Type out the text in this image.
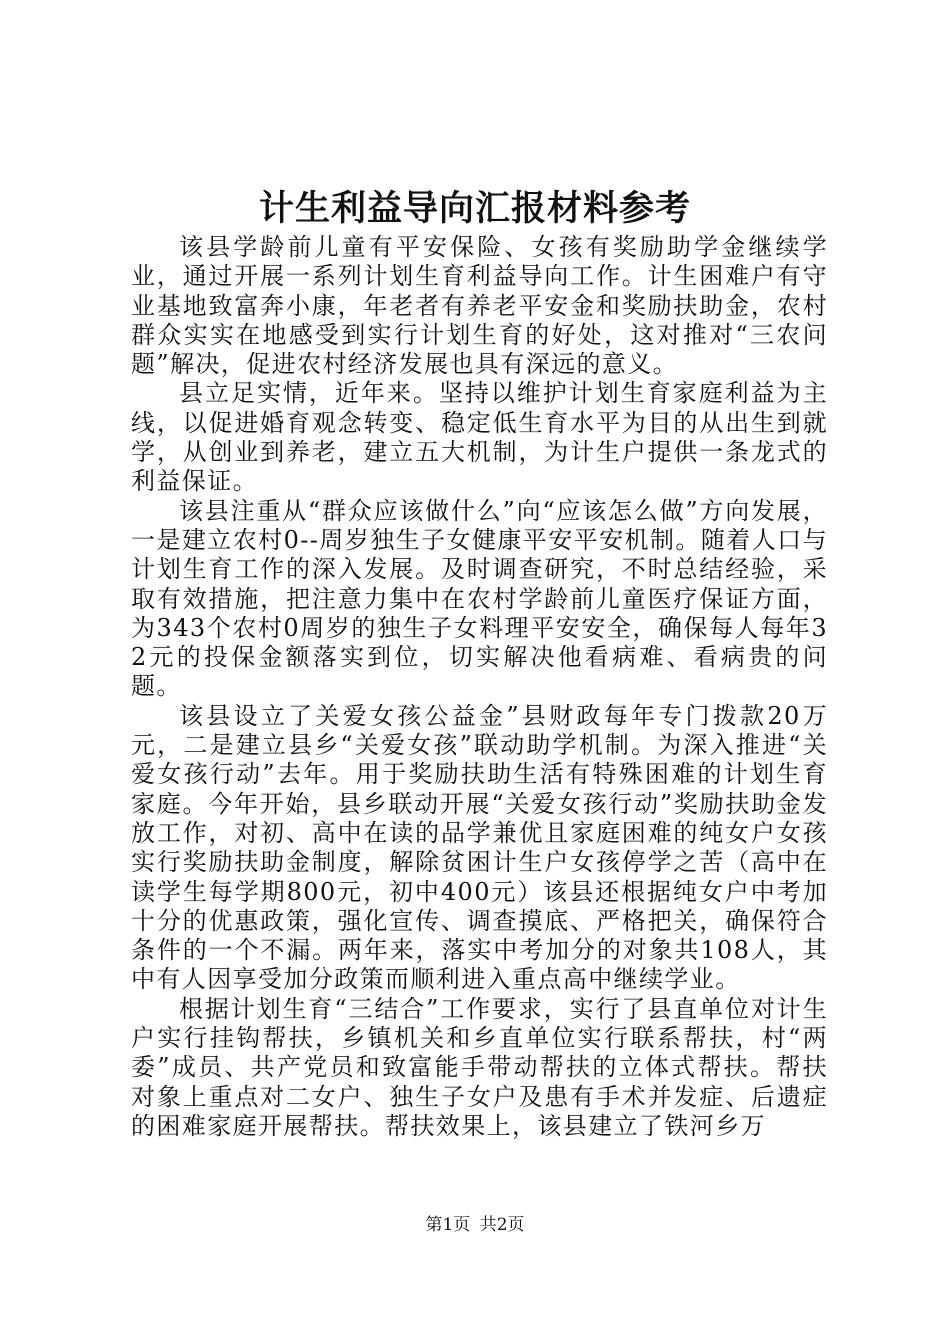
计生利益导向汇报材料参考

该县学龄前儿童有平安保险、女孩有奖励助学金继续学业，通过开展一系列计划生育利益导向工作。计生困难户有守业基地致富奔小康，年老者有养老平安金和奖励扶助金，农村群众实实在地感受到实行计划生育的好处，这对推对“三农问题”解决，促进农村经济发展也具有深远的意义。

县立足实情，近年来。坚持以维护计划生育家庭利益为主线，以促进婚育观念转变、稳定低生育水平为目的从出生到就学，从创业到养老，建立五大机制，为计生户提供一条龙式的利益保证。

该县注重从“群众应该做什么”向“应该怎么做”方向发展，一是建立农村0--周岁独生子女健康平安平安机制。随着人口与计划生育工作的深入发展。及时调查研究，不时总结经验，采取有效措施，把注意力集中在农村学龄前儿童医疗保证方面，为343个农村0周岁的独生子女料理平安安全，确保每人每年32元的投保金额落实到位，切实解决他看病难、看病贵的问题。

该县设立了关爱女孩公益金”县财政每年专门拨款20万元，二是建立县乡“关爱女孩”联动助学机制。为深入推进“关爱女孩行动”去年。用于奖励扶助生活有特殊困难的计划生育家庭。今年开始，县乡联动开展“关爱女孩行动”奖励扶助金发放工作，对初、高中在读的品学兼优且家庭困难的纯女户女孩实行奖励扶助金制度，解除贫困计生户女孩停学之苦（高中在读学生每学期800元，初中400元）该县还根据纯女户中考加十分的优惠政策，强化宣传、调查摸底、严格把关，确保符合条件的一个不漏。两年来，落实中考加分的对象共108人，其中有人因享受加分政策而顺利进入重点高中继续学业。

根据计划生育“三结合”工作要求，实行了县直单位对计生户实行挂钩帮扶，乡镇机关和乡直单位实行联系帮扶，村“两委”成员、共产党员和致富能手带动帮扶的立体式帮扶。帮扶对象上重点对二女户、独生子女户及患有手术并发症、后遗症的困难家庭开展帮扶。帮扶效果上，该县建立了铁河乡万

第1页 共2页
